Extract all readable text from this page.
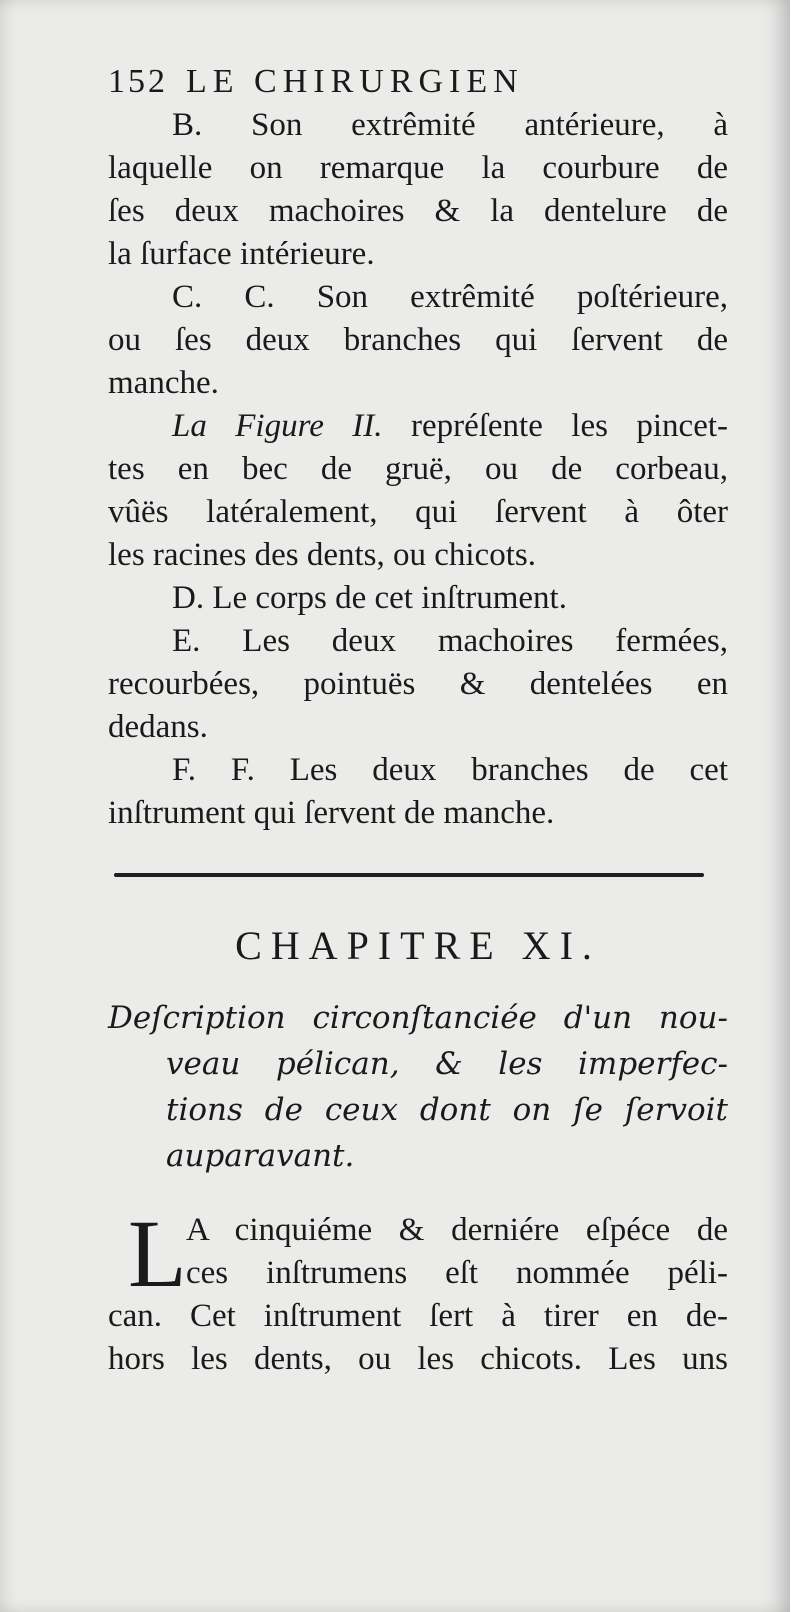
152 LE CHIRURGIEN

B. Son extrêmité antérieure, à
laquelle on remarque la courbure de
ſes deux machoires & la dentelure de
la ſurface intérieure.

C. C. Son extrêmité poſtérieure,
ou ſes deux branches qui ſervent de
manche.

La Figure II. repréſente les pincet-
tes en bec de gruë, ou de corbeau,
vûës latéralement, qui ſervent à ôter
les racines des dents, ou chicots.

D. Le corps de cet inſtrument.

E. Les deux machoires fermées,
recourbées, pointuës & dentelées en
dedans.

F. F. Les deux branches de cet
inſtrument qui ſervent de manche.

CHAPITRE XI.
Deſcription circonſtanciée d'un nou-
veau pélican, & les imperfec-
tions de ceux dont on ſe ſervoit
auparavant.

L A cinquiéme & derniére eſpéce de
ces inſtrumens eſt nommée péli-
can. Cet inſtrument ſert à tirer en de-
hors les dents, ou les chicots. Les uns
